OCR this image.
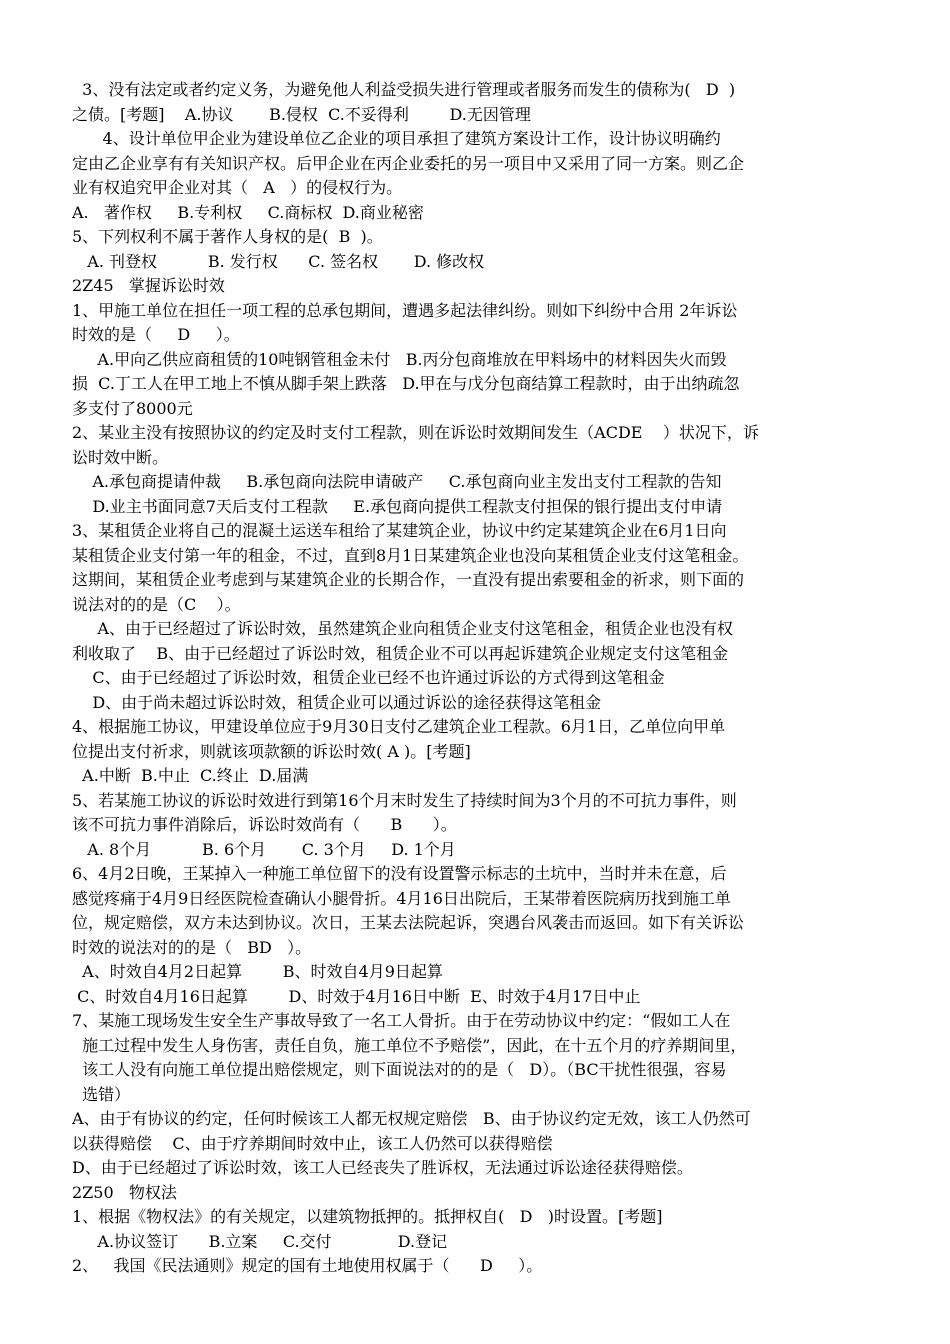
3、没有法定或者约定义务，为避免他人利益受损失进行管理或者服务而发生的债称为(   D  )
之债。[考题]    A.协议       B.侵权  C.不妥得利        D.无因管理
4、设计单位甲企业为建设单位乙企业的项目承担了建筑方案设计工作，设计协议明确约
定由乙企业享有有关知识产权。后甲企业在丙企业委托的另一项目中又采用了同一方案。则乙企
业有权追究甲企业对其（   A   ）的侵权行为。
A.   著作权     B.专利权     C.商标权  D.商业秘密
5、下列权利不属于著作人身权的是(  B  )。
A. 刊登权          B. 发行权      C. 签名权       D. 修改权
2Z45   掌握诉讼时效
1、甲施工单位在担任一项工程的总承包期间，遭遇多起法律纠纷。则如下纠纷中合用 2年诉讼
时效的是（     D     ）。
A.甲向乙供应商租赁的10吨钢管租金未付   B.丙分包商堆放在甲料场中的材料因失火而毁
损  C.丁工人在甲工地上不慎从脚手架上跌落   D.甲在与戊分包商结算工程款时，由于出纳疏忽
多支付了8000元
2、某业主没有按照协议的约定及时支付工程款，则在诉讼时效期间发生（ACDE    ）状况下，诉
讼时效中断。
A.承包商提请仲裁     B.承包商向法院申请破产     C.承包商向业主发出支付工程款的告知
D.业主书面同意7天后支付工程款     E.承包商向提供工程款支付担保的银行提出支付申请
3、某租赁企业将自己的混凝土运送车租给了某建筑企业，协议中约定某建筑企业在6月1日向
某租赁企业支付第一年的租金，不过，直到8月1日某建筑企业也没向某租赁企业支付这笔租金。
这期间，某租赁企业考虑到与某建筑企业的长期合作，一直没有提出索要租金的祈求，则下面的
说法对的的是（C    ）。
A、由于已经超过了诉讼时效，虽然建筑企业向租赁企业支付这笔租金，租赁企业也没有权
利收取了    B、由于已经超过了诉讼时效，租赁企业不可以再起诉建筑企业规定支付这笔租金
C、由于已经超过了诉讼时效，租赁企业已经不也许通过诉讼的方式得到这笔租金
D、由于尚未超过诉讼时效，租赁企业可以通过诉讼的途径获得这笔租金
4、根据施工协议，甲建设单位应于9月30日支付乙建筑企业工程款。6月1日，乙单位向甲单
位提出支付祈求，则就该项款额的诉讼时效( A )。[考题]
A.中断  B.中止  C.终止  D.届满
5、若某施工协议的诉讼时效进行到第16个月末时发生了持续时间为3个月的不可抗力事件，则
该不可抗力事件消除后，诉讼时效尚有（      B      ）。
A. 8个月          B. 6个月       C. 3个月     D. 1个月
6、4月2日晚，王某掉入一种施工单位留下的没有设置警示标志的土坑中，当时并未在意，后
感觉疼痛于4月9日经医院检查确认小腿骨折。4月16日出院后，王某带着医院病历找到施工单
位，规定赔偿，双方未达到协议。次日，王某去法院起诉，突遇台风袭击而返回。如下有关诉讼
时效的说法对的的是（   BD   ）。
A、时效自4月2日起算        B、时效自4月9日起算
C、时效自4月16日起算        D、时效于4月16日中断  E、时效于4月17日中止
7、某施工现场发生安全生产事故导致了一名工人骨折。由于在劳动协议中约定：“假如工人在
施工过程中发生人身伤害，责任自负，施工单位不予赔偿”，因此，在十五个月的疗养期间里，
该工人没有向施工单位提出赔偿规定，则下面说法对的的是（   D）。（BC干扰性很强，容易
选错）
A、由于有协议的约定，任何时候该工人都无权规定赔偿   B、由于协议约定无效，该工人仍然可
以获得赔偿    C、由于疗养期间时效中止，该工人仍然可以获得赔偿
D、由于已经超过了诉讼时效，该工人已经丧失了胜诉权，无法通过诉讼途径获得赔偿。
2Z50   物权法
1、根据《物权法》的有关规定，以建筑物抵押的。抵押权自(   D   )时设置。[考题]
A.协议签订      B.立案     C.交付             D.登记
2、   我国《民法通则》规定的国有土地使用权属于（      D     ）。
